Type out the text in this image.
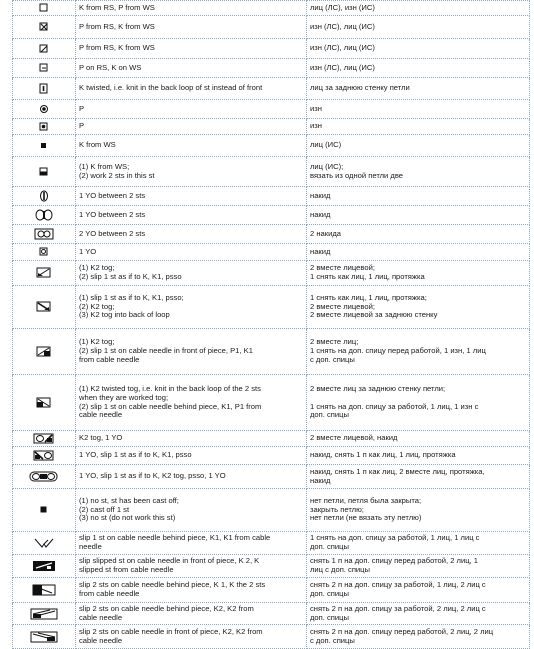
K from RS, P from WS	лиц (ЛС), изн (ИС)

P from RS, K from WS	изн (ЛС), лиц (ИС)

P from RS, K from WS	изн (ЛС), лиц (ИС)

P on RS, K on WS	изн (ЛС), лиц (ИС)

K twisted, i.e. knit in the back loop of st instead of front	лиц за заднюю стенку петли

P	изн

P	изн

K from WS	лиц (ИС)

(1) K from WS;
(2) work 2 sts in this st	лиц (ИС);
вязать из одной петли две

1 YO between 2 sts	накид

1 YO between 2 sts	накид

2 YO between 2 sts	2 накида

1 YO	накид

(1) K2 tog;
(2) slip 1 st as if to K, K1, psso	2 вместе лицевой;
1 снять как лиц, 1 лиц, протяжка

(1) slip 1 st as if to K, K1, psso;
(2) K2 tog;
(3) K2 tog into back of loop	1 снять как лиц, 1 лиц, протяжка;
2 вместе лицевой;
2 вместе лицевой за заднюю стенку

(1) K2 tog;
(2) slip 1 st on cable needle in front of piece, P1, K1
from cable needle	2 вместе лиц;
1 снять на доп. спицу перед работой, 1 изн, 1 лиц
с доп. спицы

(1) K2 twisted tog, i.e. knit in the back loop of the 2 sts
when they are worked tog;
(2) slip 1 st on cable needle behind piece, K1, P1 from
cable needle	2 вместе лиц за заднюю стенку петли;

1 снять на доп. спицу за работой, 1 лиц, 1 изн с
доп. спицы

K2 tog, 1 YO	2 вместе лицевой, накид

1 YO, slip 1 st as if to K, K1, psso	накид, снять 1 п как лиц, 1 лиц, протяжка

1 YO, slip 1 st as if to K, K2 tog, psso, 1 YO	накид, снять 1 п как лиц, 2 вместе лиц, протяжка,
накид

(1) no st, st has been cast off;
(2) cast off 1 st
(3) no st (do not work this st)	нет петли, петля была закрыта;
закрыть петлю;
нет петли (не вязать эту петлю)

slip 1 st on cable needle behind piece, K1, K1 from cable
needle	1 снять на доп. спицу за работой, 1 лиц, 1 лиц с
доп. спицы

slip slipped st on cable needle in front of piece, K 2, K
slipped st from cable needle	снять 1 п на доп. спицу перед работой, 2 лиц, 1
лиц с доп. спицы

slip 2 sts on cable needle behind piece, K 1, K the 2 sts
from cable needle	снять 2 п на доп. спицу за работой, 1 лиц, 2 лиц с
доп. спицы

slip 2 sts on cable needle behind piece, K2, K2 from
cable needle	снять 2 п на доп. спицу за работой, 2 лиц, 2 лиц с
доп. спицы

slip 2 sts on cable needle in front of piece, K2, K2 from
cable needle	снять 2 п на доп. спицу перед работой, 2 лиц, 2 лиц
с доп. спицы
